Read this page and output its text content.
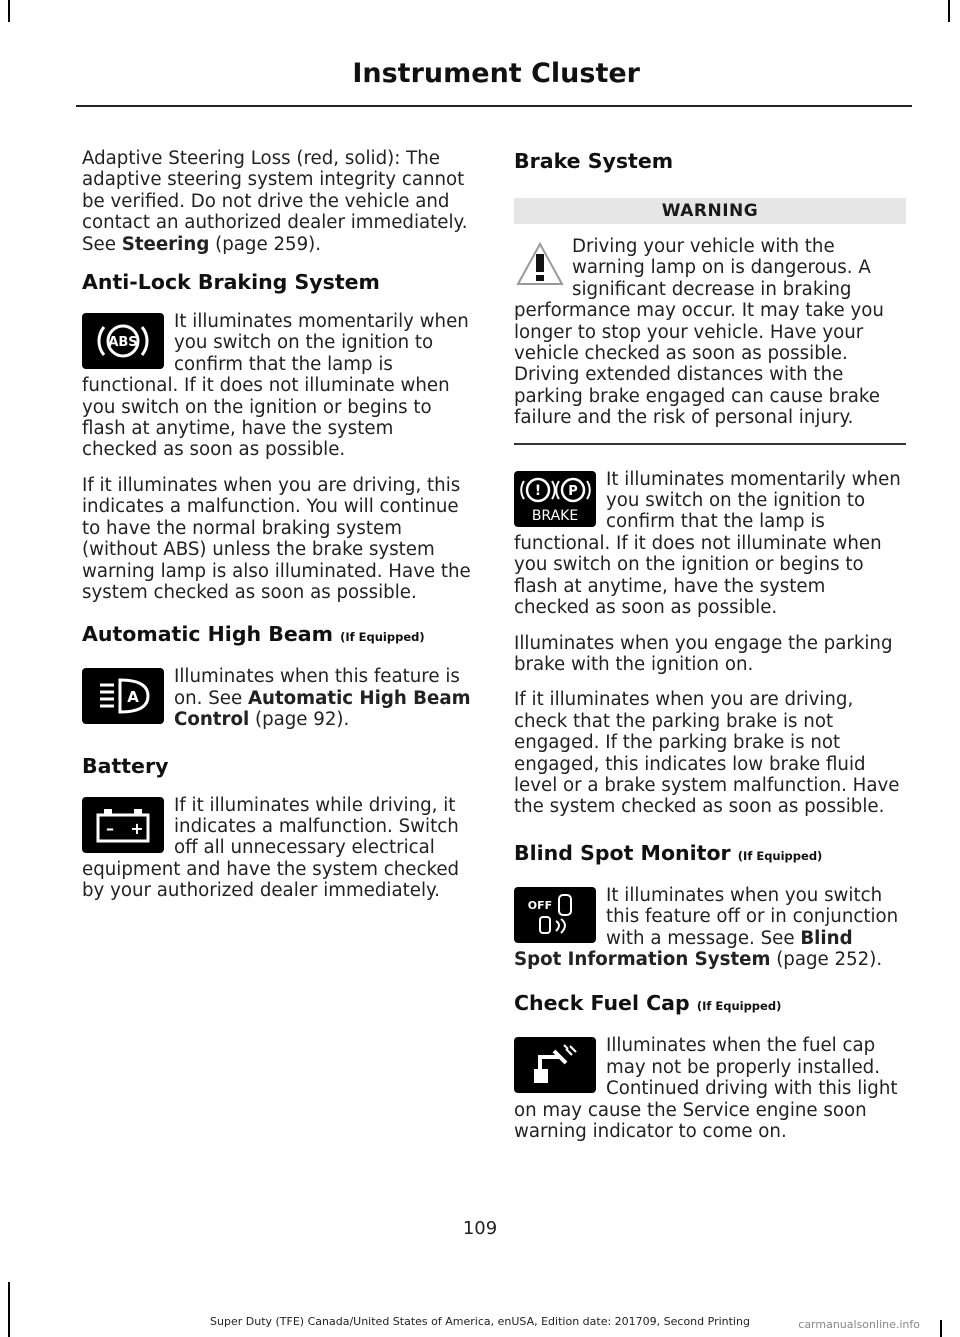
Instrument Cluster

Adaptive Steering Loss (red, solid): The adaptive steering system integrity cannot be verified. Do not drive the vehicle and contact an authorized dealer immediately. See Steering (page 259).

Anti-Lock Braking System
ABS

It illuminates momentarily when you switch on the ignition to confirm that the lamp is functional. If it does not illuminate when you switch on the ignition or begins to flash at anytime, have the system checked as soon as possible.

If it illuminates when you are driving, this indicates a malfunction. You will continue to have the normal braking system (without ABS) unless the brake system warning lamp is also illuminated. Have the system checked as soon as possible.

Automatic High Beam (If Equipped)
A

Illuminates when this feature is on. See Automatic High Beam Control (page 92).

Battery
– +

If it illuminates while driving, it indicates a malfunction. Switch off all unnecessary electrical equipment and have the system checked by your authorized dealer immediately.

Brake System
WARNING

Driving your vehicle with the warning lamp on is dangerous. A significant decrease in braking performance may occur. It may take you longer to stop your vehicle. Have your vehicle checked as soon as possible. Driving extended distances with the parking brake engaged can cause brake failure and the risk of personal injury.

! P
BRAKE

It illuminates momentarily when you switch on the ignition to confirm that the lamp is functional. If it does not illuminate when you switch on the ignition or begins to flash at anytime, have the system checked as soon as possible.

Illuminates when you engage the parking brake with the ignition on.

If it illuminates when you are driving, check that the parking brake is not engaged. If the parking brake is not engaged, this indicates low brake fluid level or a brake system malfunction. Have the system checked as soon as possible.

Blind Spot Monitor (If Equipped)
OFF	It illuminates when you switch this feature off or in conjunction with a message. See Blind Spot Information System (page 252).

Check Fuel Cap (If Equipped)

Illuminates when the fuel cap may not be properly installed. Continued driving with this light on may cause the Service engine soon warning indicator to come on.

109
Super Duty (TFE) Canada/United States of America, enUSA, Edition date: 201709, Second Printing	carmanualsonline.info
